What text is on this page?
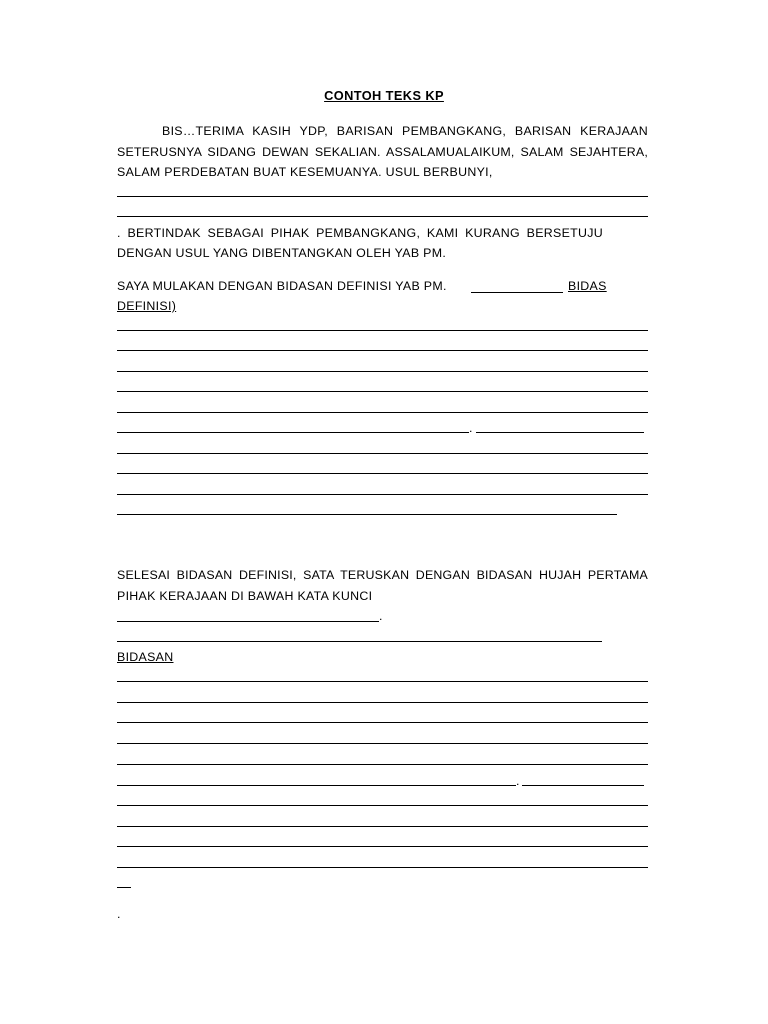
CONTOH TEKS KP
BIS…TERIMA KASIH YDP, BARISAN PEMBANGKANG, BARISAN KERAJAAN
SETERUSNYA SIDANG DEWAN SEKALIAN. ASSALAMUALAIKUM, SALAM SEJAHTERA,
SALAM PERDEBATAN BUAT KESEMUANYA. USUL BERBUNYI,
. BERTINDAK SEBAGAI PIHAK PEMBANGKANG, KAMI KURANG BERSETUJU
DENGAN USUL YANG DIBENTANGKAN OLEH YAB PM.
SAYA MULAKAN DENGAN BIDASAN DEFINISI YAB PM.	BIDAS
DEFINISI)
.
SELESAI BIDASAN DEFINISI, SATA TERUSKAN DENGAN BIDASAN HUJAH PERTAMA
PIHAK KERAJAAN DI BAWAH KATA KUNCI
.
BIDASAN
.
.
